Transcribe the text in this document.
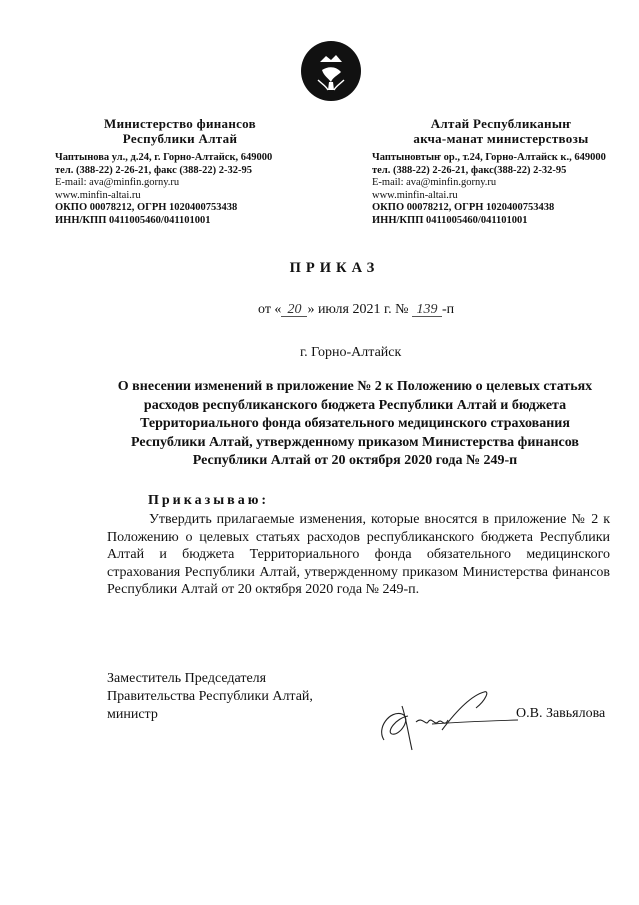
Министерство финансов
Республики Алтай
Чаптынова ул., д.24, г. Горно-Алтайск, 649000
тел. (388-22) 2-26-21, факс (388-22) 2-32-95
E-mail: ava@minfin.gorny.ru
www.minfin-altai.ru
ОКПО 00078212, ОГРН 1020400753438
ИНН/КПП 0411005460/041101001
Алтай Республиканыҥ
акча-манат министерствозы
Чаптыновтыҥ ор., т.24, Горно-Алтайск к., 649000
тел. (388-22) 2-26-21, факс(388-22) 2-32-95
E-mail: ava@minfin.gorny.ru
www.minfin-altai.ru
ОКПО 00078212, ОГРН 1020400753438
ИНН/КПП 0411005460/041101001
ПРИКАЗ
от « 20 » июля 2021 г. № 139 -п
г. Горно-Алтайск
О внесении изменений в приложение № 2 к Положению о целевых статьях расходов республиканского бюджета Республики Алтай и бюджета Территориального фонда обязательного медицинского страхования Республики Алтай, утвержденному приказом Министерства финансов Республики Алтай от 20 октября 2020 года № 249-п
Приказываю:
Утвердить прилагаемые изменения, которые вносятся в приложение № 2 к Положению о целевых статьях расходов республиканского бюджета Республики Алтай и бюджета Территориального фонда обязательного медицинского страхования Республики Алтай, утвержденному приказом Министерства финансов Республики Алтай от 20 октября 2020 года № 249-п.
Заместитель Председателя
Правительства Республики Алтай,
министр	О.В. Завьялова
